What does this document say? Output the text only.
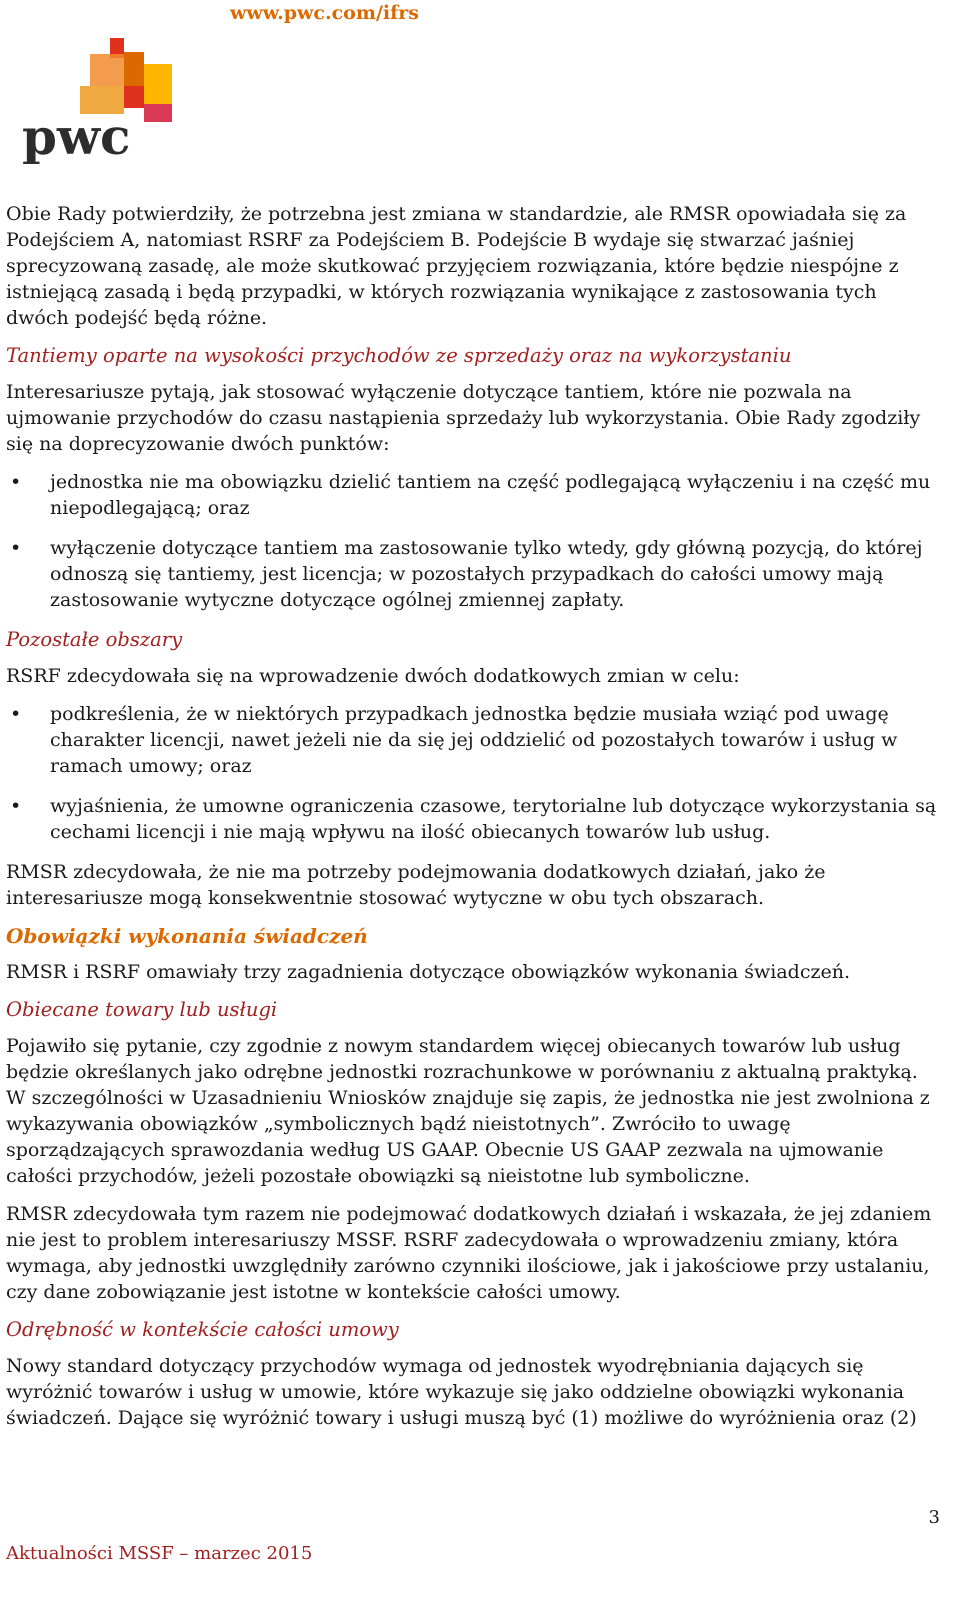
www.pwc.com/ifrs
pwc

Obie Rady potwierdziły, że potrzebna jest zmiana w standardzie, ale RMSR opowiadała się za Podejściem A, natomiast RSRF za Podejściem B. Podejście B wydaje się stwarzać jaśniej sprecyzowaną zasadę, ale może skutkować przyjęciem rozwiązania, które będzie niespójne z istniejącą zasadą i będą przypadki, w których rozwiązania wynikające z zastosowania tych dwóch podejść będą różne.

Tantiemy oparte na wysokości przychodów ze sprzedaży oraz na wykorzystaniu

Interesariusze pytają, jak stosować wyłączenie dotyczące tantiem, które nie pozwala na ujmowanie przychodów do czasu nastąpienia sprzedaży lub wykorzystania. Obie Rady zgodziły się na doprecyzowanie dwóch punktów:

• jednostka nie ma obowiązku dzielić tantiem na część podlegającą wyłączeniu i na część mu niepodlegającą; oraz
• wyłączenie dotyczące tantiem ma zastosowanie tylko wtedy, gdy główną pozycją, do której odnoszą się tantiemy, jest licencja; w pozostałych przypadkach do całości umowy mają zastosowanie wytyczne dotyczące ogólnej zmiennej zapłaty.
Pozostałe obszary

RSRF zdecydowała się na wprowadzenie dwóch dodatkowych zmian w celu:

• podkreślenia, że w niektórych przypadkach jednostka będzie musiała wziąć pod uwagę charakter licencji, nawet jeżeli nie da się jej oddzielić od pozostałych towarów i usług w ramach umowy; oraz
• wyjaśnienia, że umowne ograniczenia czasowe, terytorialne lub dotyczące wykorzystania są cechami licencji i nie mają wpływu na ilość obiecanych towarów lub usług.

RMSR zdecydowała, że nie ma potrzeby podejmowania dodatkowych działań, jako że interesariusze mogą konsekwentnie stosować wytyczne w obu tych obszarach.

Obowiązki wykonania świadczeń

RMSR i RSRF omawiały trzy zagadnienia dotyczące obowiązków wykonania świadczeń.

Obiecane towary lub usługi

Pojawiło się pytanie, czy zgodnie z nowym standardem więcej obiecanych towarów lub usług będzie określanych jako odrębne jednostki rozrachunkowe w porównaniu z aktualną praktyką. W szczególności w Uzasadnieniu Wniosków znajduje się zapis, że jednostka nie jest zwolniona z wykazywania obowiązków „symbolicznych bądź nieistotnych”. Zwróciło to uwagę sporządzających sprawozdania według US GAAP. Obecnie US GAAP zezwala na ujmowanie całości przychodów, jeżeli pozostałe obowiązki są nieistotne lub symboliczne.

RMSR zdecydowała tym razem nie podejmować dodatkowych działań i wskazała, że jej zdaniem nie jest to problem interesariuszy MSSF. RSRF zadecydowała o wprowadzeniu zmiany, która wymaga, aby jednostki uwzględniły zarówno czynniki ilościowe, jak i jakościowe przy ustalaniu, czy dane zobowiązanie jest istotne w kontekście całości umowy.

Odrębność w kontekście całości umowy

Nowy standard dotyczący przychodów wymaga od jednostek wyodrębniania dających się wyróżnić towarów i usług w umowie, które wykazuje się jako oddzielne obowiązki wykonania świadczeń. Dające się wyróżnić towary i usługi muszą być (1) możliwe do wyróżnienia oraz (2)

3
Aktualności MSSF – marzec 2015
